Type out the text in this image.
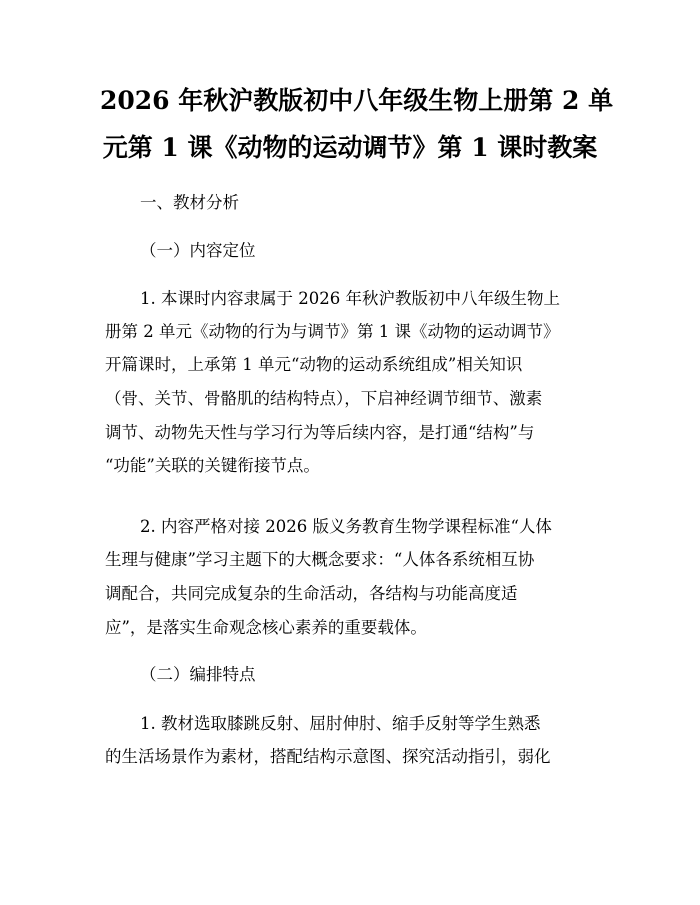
2026 年秋沪教版初中八年级生物上册第 2 单
元第 1 课《动物的运动调节》第 1 课时教案
一、教材分析
（一）内容定位
1. 本课时内容隶属于 2026 年秋沪教版初中八年级生物上
册第 2 单元《动物的行为与调节》第 1 课《动物的运动调节》
开篇课时，上承第 1 单元“动物的运动系统组成”相关知识
（骨、关节、骨骼肌的结构特点），下启神经调节细节、激素
调节、动物先天性与学习行为等后续内容，是打通“结构”与
“功能”关联的关键衔接节点。
2. 内容严格对接 2026 版义务教育生物学课程标准“人体
生理与健康”学习主题下的大概念要求：“人体各系统相互协
调配合，共同完成复杂的生命活动，各结构与功能高度适
应”，是落实生命观念核心素养的重要载体。
（二）编排特点
1. 教材选取膝跳反射、屈肘伸肘、缩手反射等学生熟悉
的生活场景作为素材，搭配结构示意图、探究活动指引，弱化
